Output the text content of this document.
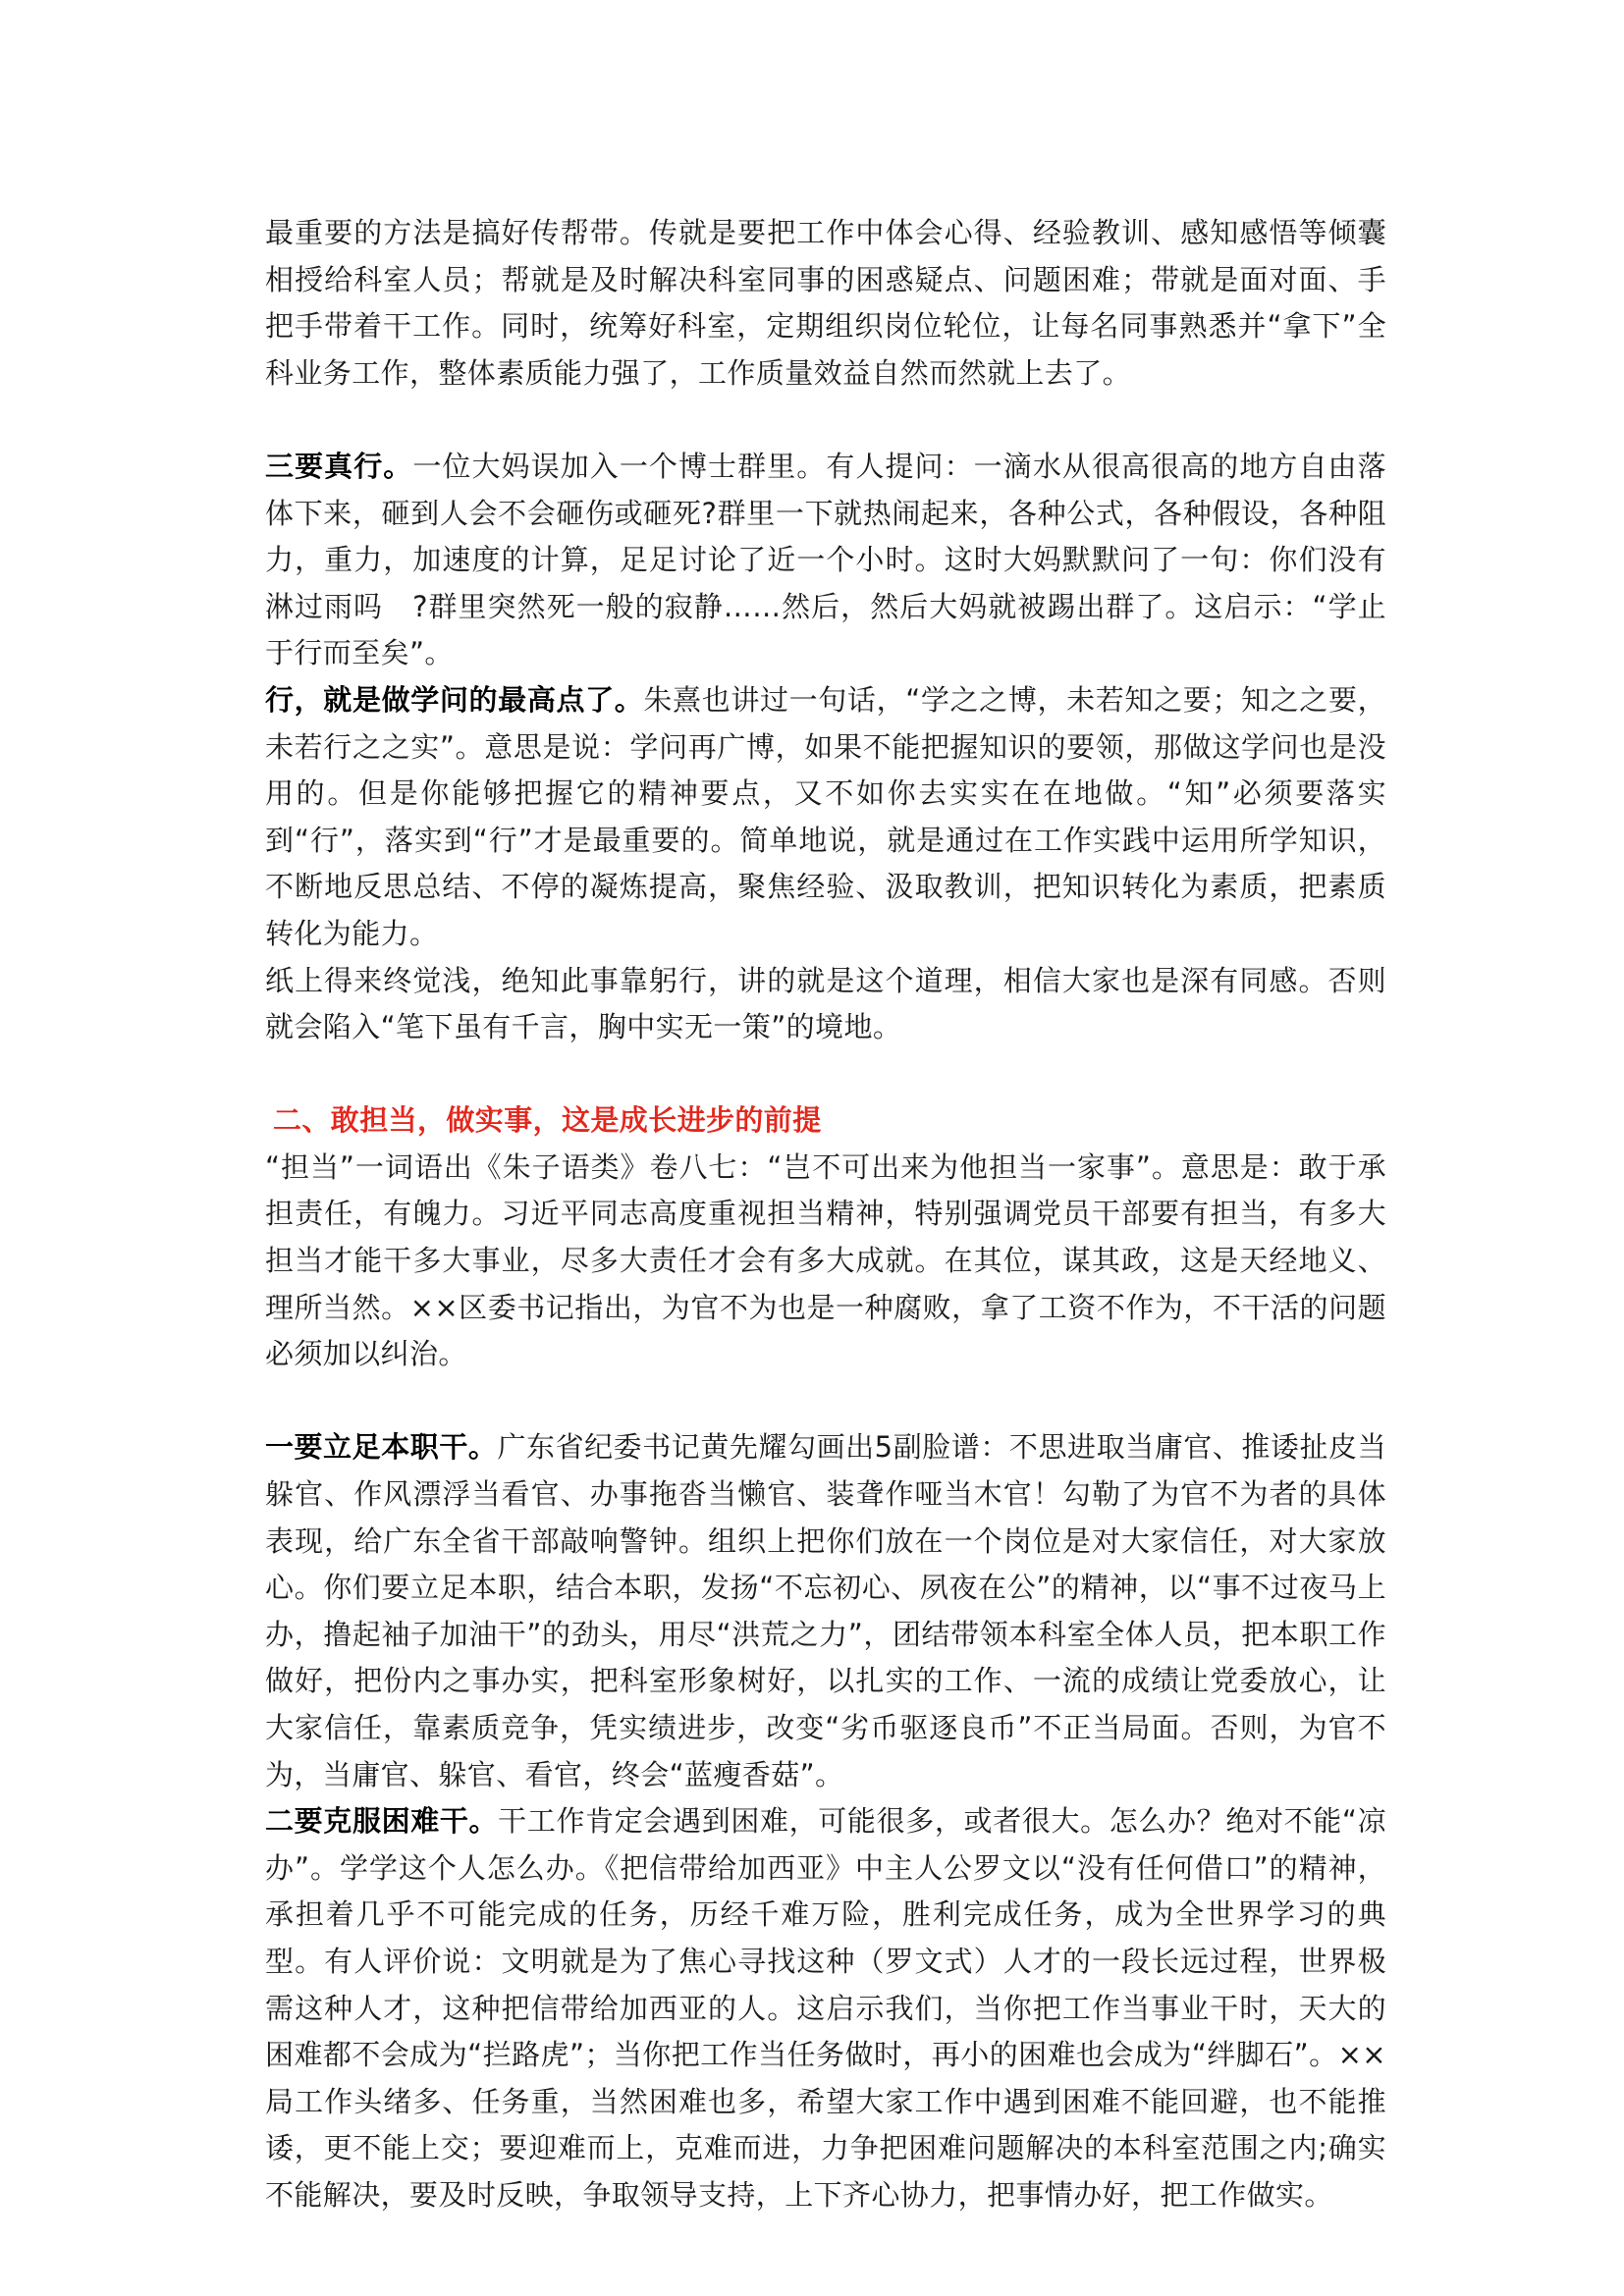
最重要的方法是搞好传帮带。传就是要把工作中体会心得、经验教训、感知感悟等倾囊相授给科室人员；帮就是及时解决科室同事的困惑疑点、问题困难；带就是面对面、手把手带着干工作。同时，统筹好科室，定期组织岗位轮位，让每名同事熟悉并“拿下”全科业务工作，整体素质能力强了，工作质量效益自然而然就上去了。

三要真行。一位大妈误加入一个博士群里。有人提问：一滴水从很高很高的地方自由落体下来，砸到人会不会砸伤或砸死?群里一下就热闹起来，各种公式，各种假设，各种阻力，重力，加速度的计算，足足讨论了近一个小时。这时大妈默默问了一句：你们没有淋过雨吗　?群里突然死一般的寂静……然后，然后大妈就被踢出群了。这启示：“学止于行而至矣”。

行，就是做学问的最高点了。朱熹也讲过一句话，“学之之博，未若知之要；知之之要，未若行之之实”。意思是说：学问再广博，如果不能把握知识的要领，那做这学问也是没用的。但是你能够把握它的精神要点，又不如你去实实在在地做。“知”必须要落实到“行”，落实到“行”才是最重要的。简单地说，就是通过在工作实践中运用所学知识，不断地反思总结、不停的凝炼提高，聚焦经验、汲取教训，把知识转化为素质，把素质转化为能力。

纸上得来终觉浅，绝知此事靠躬行，讲的就是这个道理，相信大家也是深有同感。否则就会陷入“笔下虽有千言，胸中实无一策”的境地。

二、敢担当，做实事，这是成长进步的前提

“担当”一词语出《朱子语类》卷八七：“岂不可出来为他担当一家事”。意思是：敢于承担责任，有魄力。习近平同志高度重视担当精神，特别强调党员干部要有担当，有多大担当才能干多大事业，尽多大责任才会有多大成就。在其位，谋其政，这是天经地义、理所当然。××区委书记指出，为官不为也是一种腐败，拿了工资不作为，不干活的问题必须加以纠治。

一要立足本职干。广东省纪委书记黄先耀勾画出5副脸谱：不思进取当庸官、推诿扯皮当躲官、作风漂浮当看官、办事拖沓当懒官、装聋作哑当木官！勾勒了为官不为者的具体表现，给广东全省干部敲响警钟。组织上把你们放在一个岗位是对大家信任，对大家放心。你们要立足本职，结合本职，发扬“不忘初心、夙夜在公”的精神，以“事不过夜马上办，撸起袖子加油干”的劲头，用尽“洪荒之力”，团结带领本科室全体人员，把本职工作做好，把份内之事办实，把科室形象树好，以扎实的工作、一流的成绩让党委放心，让大家信任，靠素质竞争，凭实绩进步，改变“劣币驱逐良币”不正当局面。否则，为官不为，当庸官、躲官、看官，终会“蓝瘦香菇”。

二要克服困难干。干工作肯定会遇到困难，可能很多，或者很大。怎么办？绝对不能“凉办”。学学这个人怎么办。《把信带给加西亚》中主人公罗文以“没有任何借口”的精神，承担着几乎不可能完成的任务，历经千难万险，胜利完成任务，成为全世界学习的典型。有人评价说：文明就是为了焦心寻找这种（罗文式）人才的一段长远过程，世界极需这种人才，这种把信带给加西亚的人。这启示我们，当你把工作当事业干时，天大的困难都不会成为“拦路虎”；当你把工作当任务做时，再小的困难也会成为“绊脚石”。××局工作头绪多、任务重，当然困难也多，希望大家工作中遇到困难不能回避，也不能推诿，更不能上交；要迎难而上，克难而进，力争把困难问题解决的本科室范围之内;确实不能解决，要及时反映，争取领导支持，上下齐心协力，把事情办好，把工作做实。
